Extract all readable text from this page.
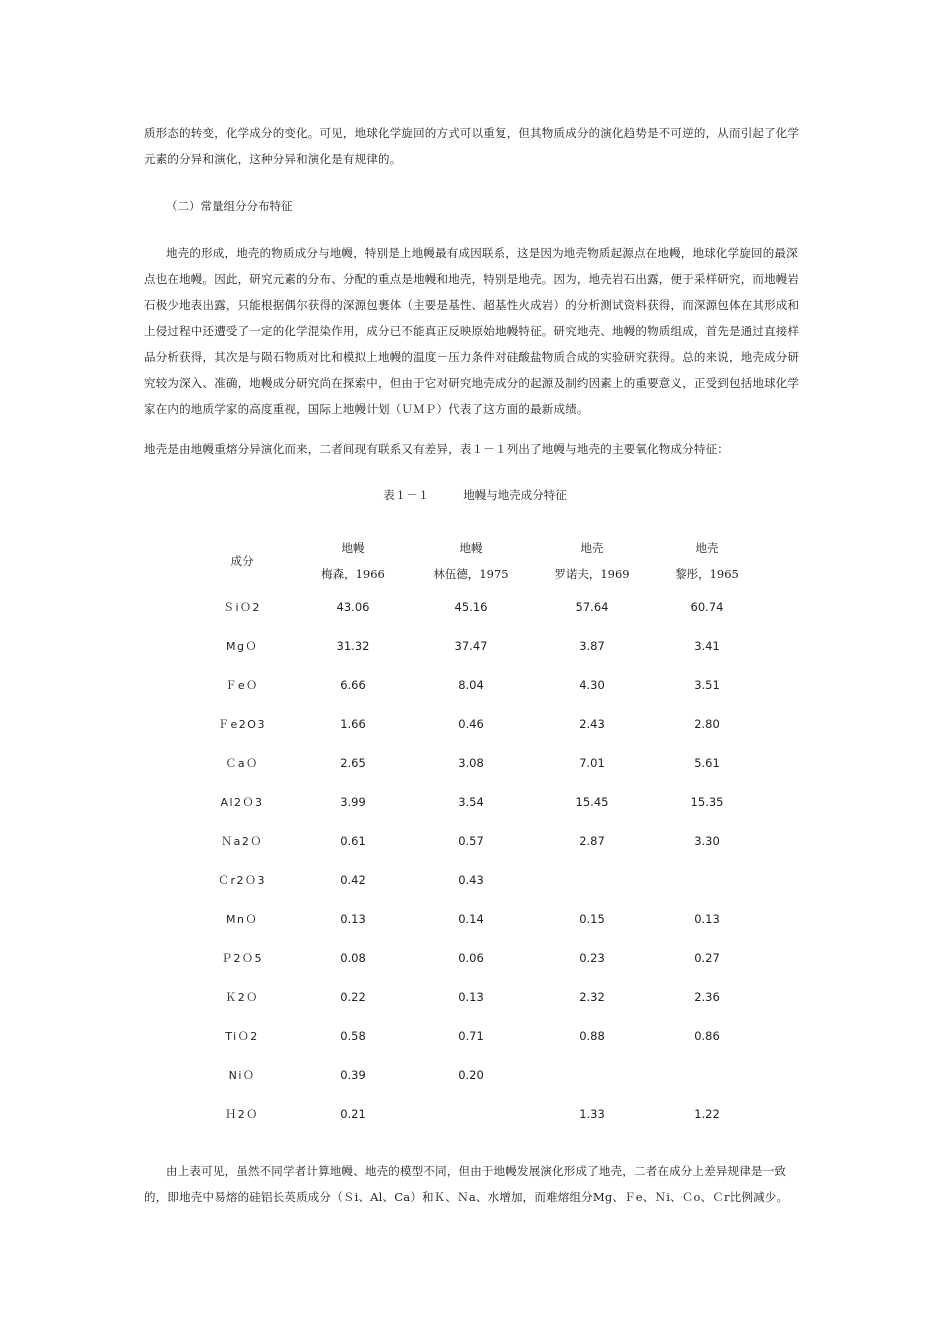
质形态的转变，化学成分的变化。可见，地球化学旋回的方式可以重复，但其物质成分的演化趋势是不可逆的，从而引起了化学元素的分异和演化，这种分异和演化是有规律的。

（二）常量组分分布特征

地壳的形成，地壳的物质成分与地幔，特别是上地幔最有成因联系，这是因为地壳物质起源点在地幔，地球化学旋回的最深点也在地幔。因此，研究元素的分布、分配的重点是地幔和地壳，特别是地壳。因为，地壳岩石出露，便于采样研究，而地幔岩石极少地表出露，只能根据偶尔获得的深源包裹体（主要是基性、超基性火成岩）的分析测试资料获得，而深源包体在其形成和上侵过程中还遭受了一定的化学混染作用，成分已不能真正反映原始地幔特征。研究地壳、地幔的物质组成，首先是通过直接样品分析获得，其次是与陨石物质对比和模拟上地幔的温度－压力条件对硅酸盐物质合成的实验研究获得。总的来说，地壳成分研究较为深入、准确，地幔成分研究尚在探索中，但由于它对研究地壳成分的起源及制约因素上的重要意义，正受到包括地球化学家在内的地质学家的高度重视，国际上地幔计划（ＵＭＰ）代表了这方面的最新成绩。

地壳是由地幔重熔分异演化而来，二者间现有联系又有差异，表１－１列出了地幔与地壳的主要氧化物成分特征：

表１－１	地幔与地壳成分特征
成分	地幔	地幔	地壳	地壳
	梅森，1966	林伍德，1975	罗诺夫，1969	黎彤，1965
ＳiＯ2	43.06	45.16	57.64	60.74
MgＯ	31.32	37.47	3.87	3.41
ＦeＯ	6.66	8.04	4.30	3.51
Ｆe2O3	1.66	0.46	2.43	2.80
ＣaＯ	2.65	3.08	7.01	5.61
Al2Ｏ3	3.99	3.54	15.45	15.35
Ｎa2Ｏ	0.61	0.57	2.87	3.30
Ｃr2Ｏ3	0.42	0.43		
MnＯ	0.13	0.14	0.15	0.13
Ｐ2Ｏ5	0.08	0.06	0.23	0.27
Ｋ2Ｏ	0.22	0.13	2.32	2.36
TiＯ2	0.58	0.71	0.88	0.86
NiＯ	0.39	0.20		
Ｈ2Ｏ	0.21		1.33	1.22

由上表可见，虽然不同学者计算地幔、地壳的模型不同，但由于地幔发展演化形成了地壳，二者在成分上差异规律是一致的，即地壳中易熔的硅铝长英质成分（Ｓi、Al、Ca）和Ｋ、Ｎa、水增加，而难熔组分Mg、Ｆe、Ｎi、Ｃo、Ｃr比例减少。
